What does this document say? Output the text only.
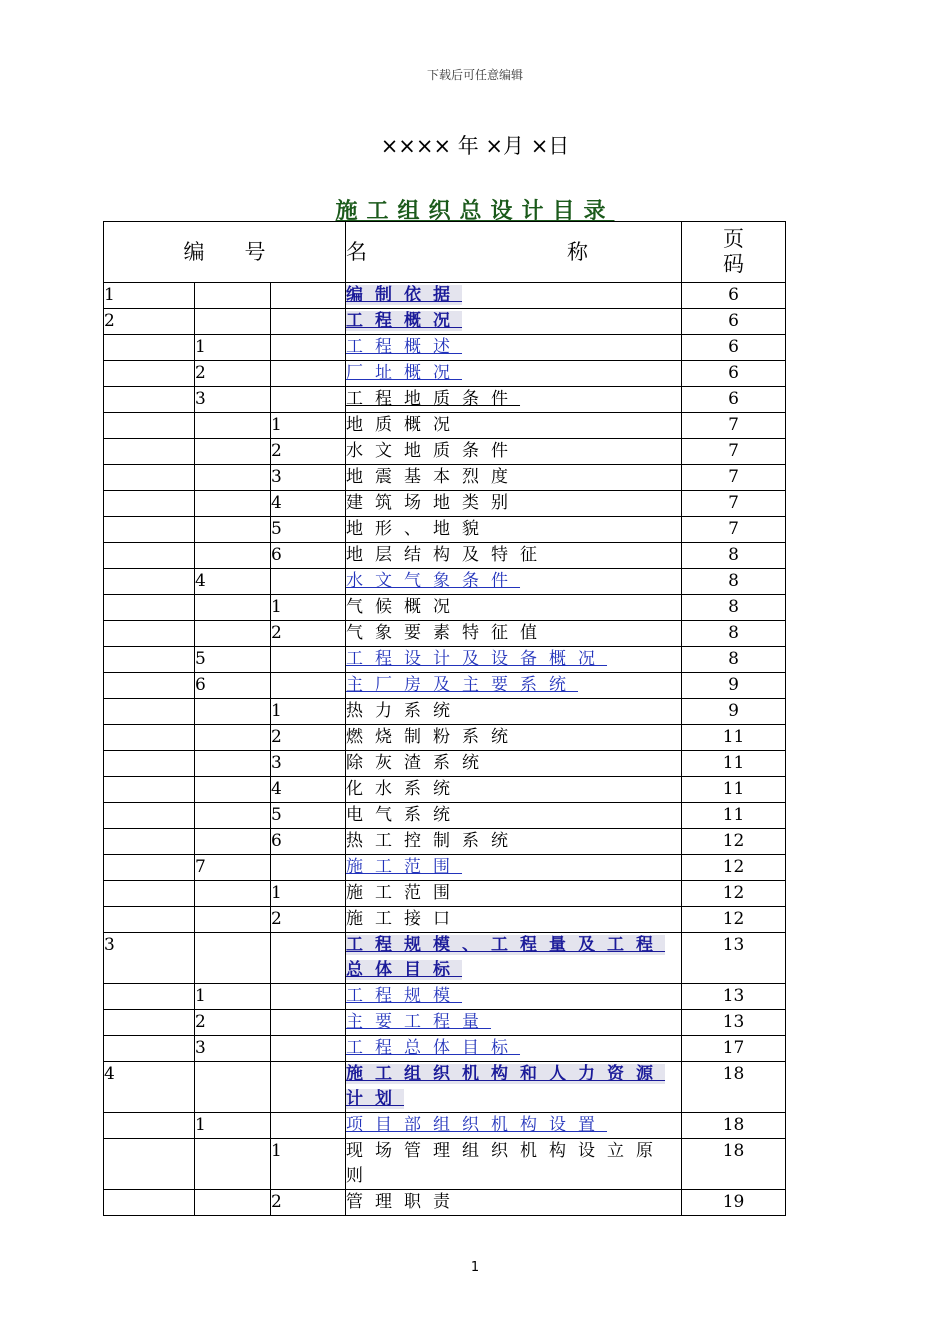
下载后可任意编辑
×××× 年 ×月 ×日
施工组织总设计目录
编号			名 称	页
码
1			编制依据	6
2			工程概况	6
	1		工程概述	6
	2		厂址概况	6
	3		工程地质条件	6
		1	地质概况	7
		2	水文地质条件	7
		3	地震基本烈度	7
		4	建筑场地类别	7
		5	地形、地貌	7
		6	地层结构及特征	8
	4		水文气象条件	8
		1	气候概况	8
		2	气象要素特征值	8
	5		工程设计及设备概况	8
	6		主厂房及主要系统	9
		1	热力系统	9
		2	燃烧制粉系统	11
		3	除灰渣系统	11
		4	化水系统	11
		5	电气系统	11
		6	热工控制系统	12
	7		施工范围	12
		1	施工范围	12
		2	施工接口	12
3			工程规模、工程量及工程总体目标	13
	1		工程规模	13
	2		主要工程量	13
	3		工程总体目标	17
4			施工组织机构和人力资源计划	18
	1		项目部组织机构设置	18
		1	现场管理组织机构设立原则	18
		2	管理职责	19
1
